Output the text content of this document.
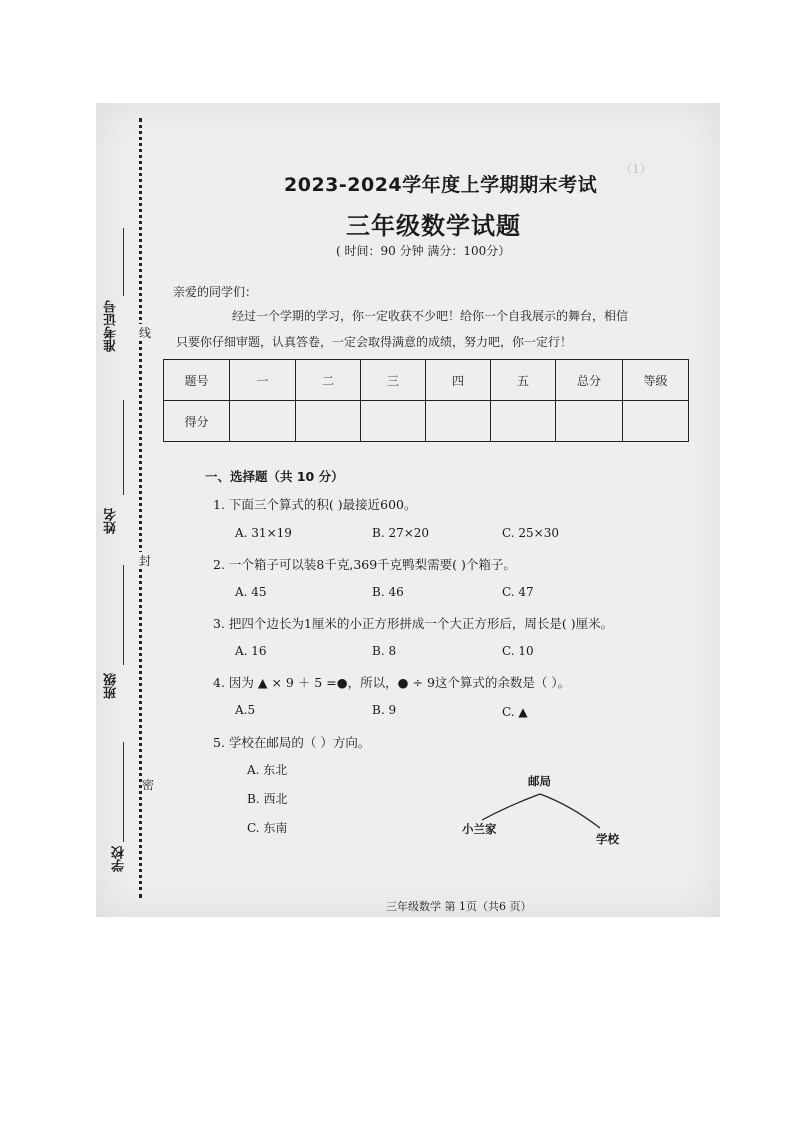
（1）
准考证号
姓名
班级
学校
线
封
密
2023-2024学年度上学期期末考试
三年级数学试题
( 时间：90 分钟 满分：100分）
亲爱的同学们：
经过一个学期的学习，你一定收获不少吧！给你一个自我展示的舞台，相信
只要你仔细审题，认真答卷，一定会取得满意的成绩，努力吧，你一定行！
题号	一	二	三	四	五	总分	等级
得分							
一、选择题（共 10 分）
1. 下面三个算式的积( )最接近600。
A. 31×19	B. 27×20	C. 25×30
2. 一个箱子可以装8千克,369千克鸭梨需要( )个箱子。
A. 45	B. 46	C. 47
3. 把四个边长为1厘米的小正方形拼成一个大正方形后，周长是( )厘米。
A. 16	B. 8	C. 10
4. 因为 ▲ × 9 ＋ 5 =●，所以，● ÷ 9这个算式的余数是（ ）。
A.5	B. 9	C. ▲
5. 学校在邮局的（ ）方向。
A. 东北
B. 西北
C. 东南
邮局
小兰家
学校
三年级数学 第 1页（共6 页）
